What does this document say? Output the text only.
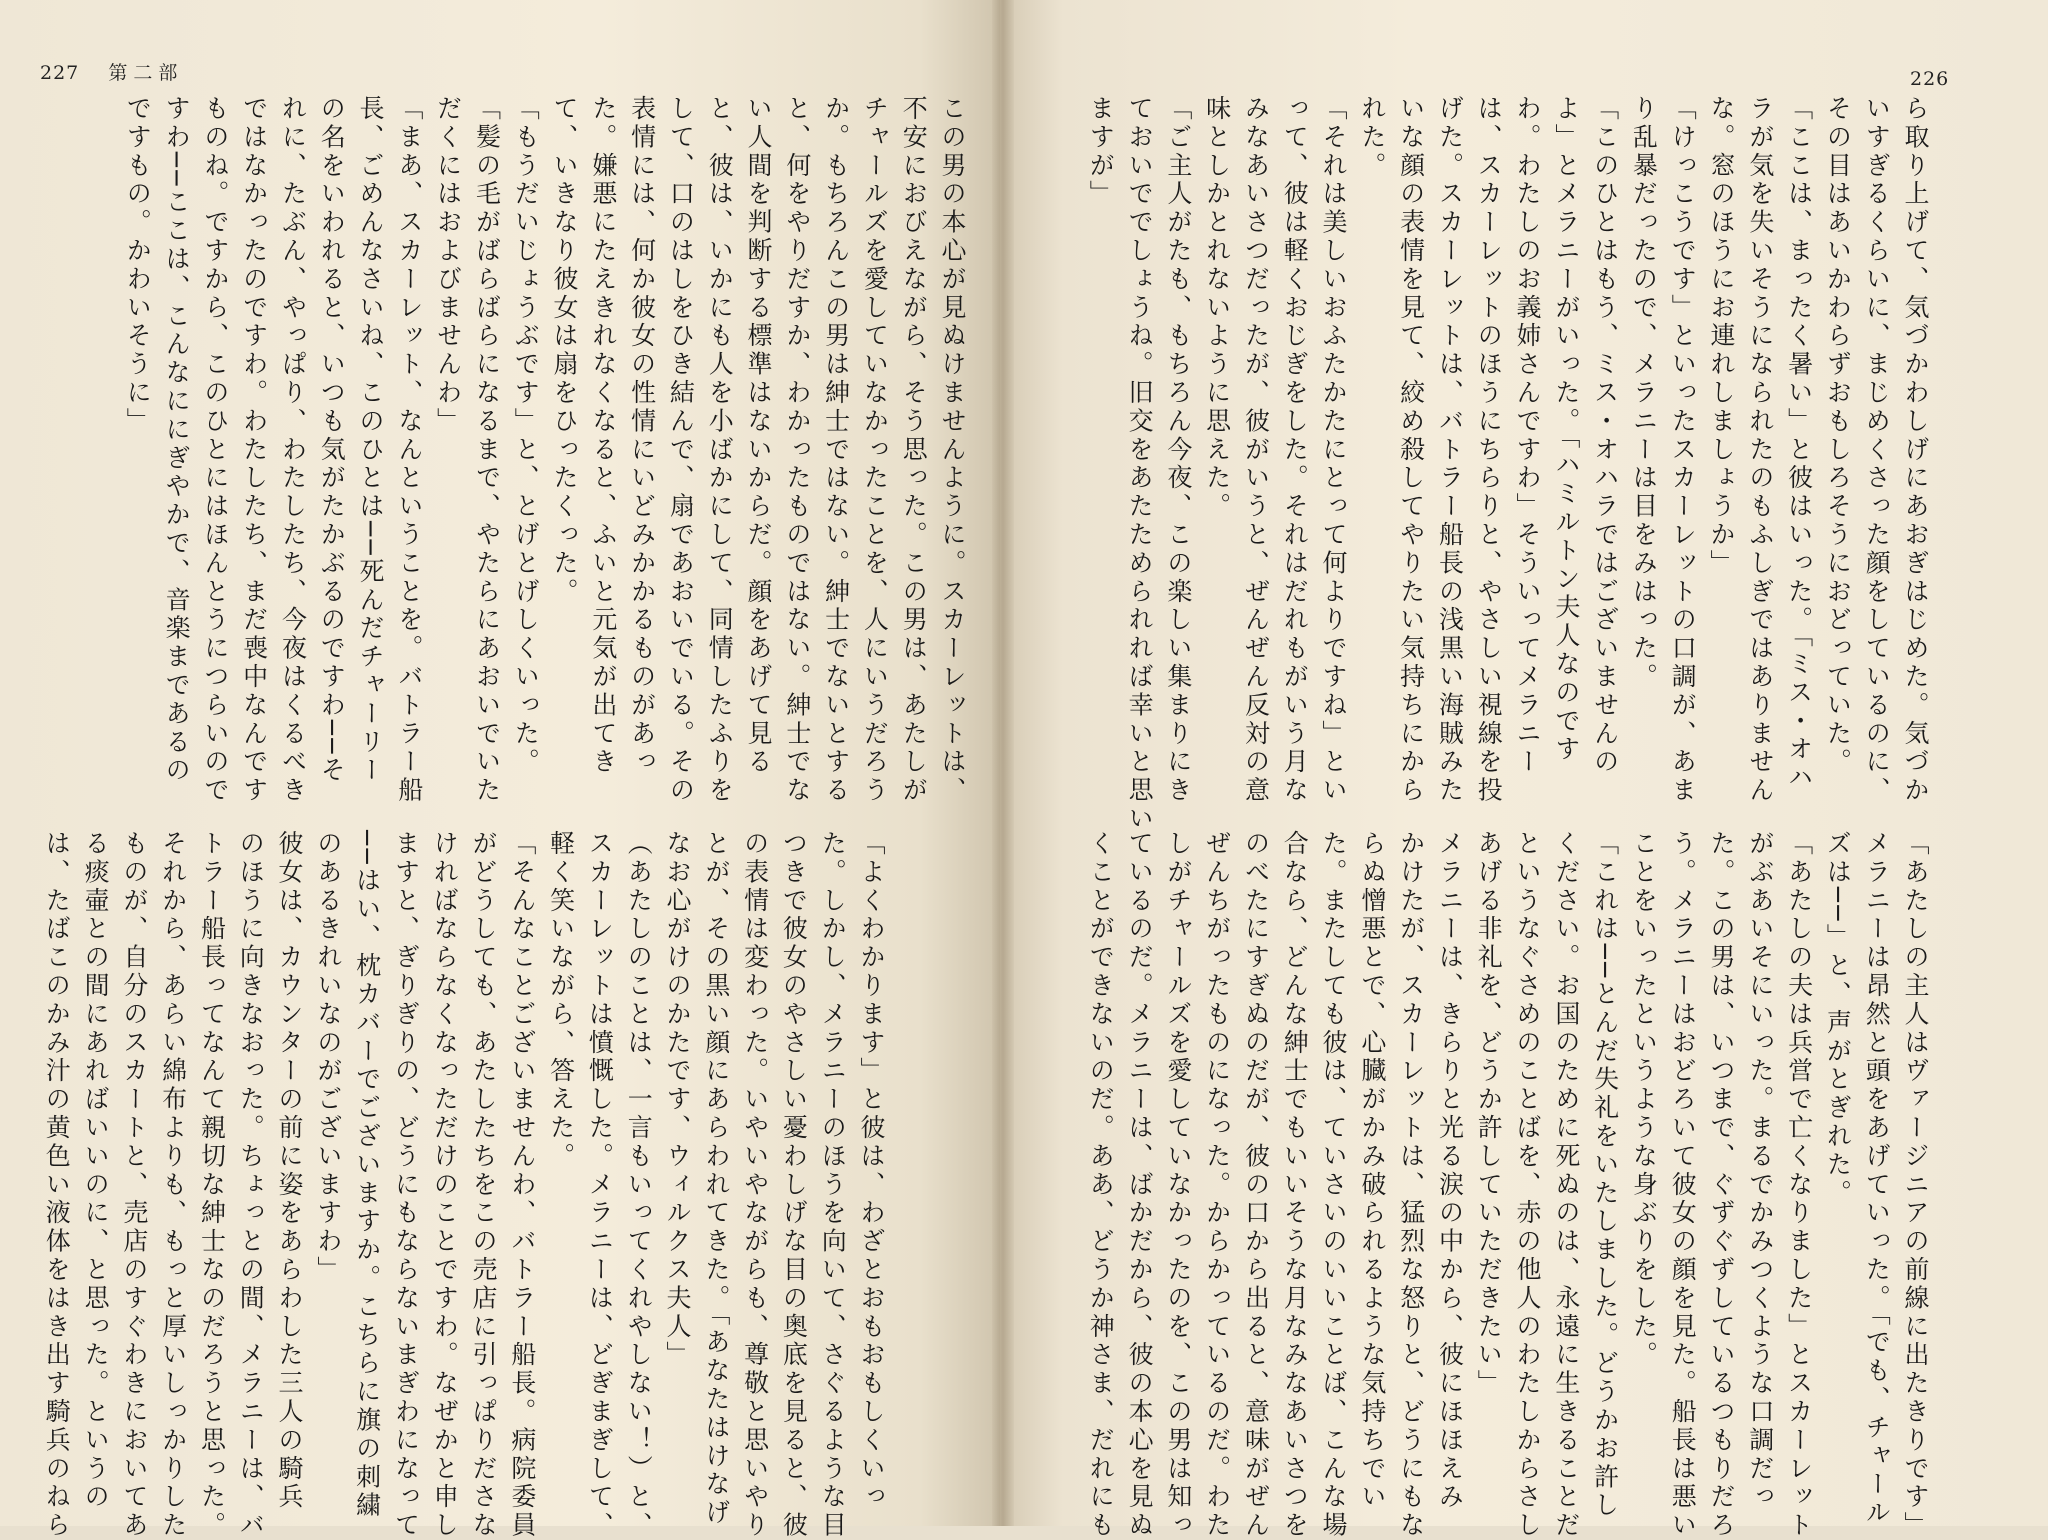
227 第二部	226
この男の本心が見ぬけませんように。スカーレットは、
不安におびえながら、そう思った。この男は、あたしが
チャールズを愛していなかったことを、人にいうだろう
か。もちろんこの男は紳士ではない。紳士でないとする
と、何をやりだすか、わかったものではない。紳士でな
い人間を判断する標準はないからだ。顔をあげて見る
と、彼は、いかにも人を小ばかにして、同情したふりを
して、口のはしをひき結んで、扇であおいでいる。その
表情には、何か彼女の性情にいどみかかるものがあっ
た。嫌悪にたえきれなくなると、ふいと元気が出てき
て、いきなり彼女は扇をひったくった。
「もうだいじょうぶです」と、とげとげしくいった。
「髪の毛がばらばらになるまで、やたらにあおいでいた
だくにはおよびませんわ」
「まあ、スカーレット、なんということを。バトラー船
長、ごめんなさいね、このひとは──死んだチャーリー
の名をいわれると、いつも気がたかぶるのですわ──そ
れに、たぶん、やっぱり、わたしたち、今夜はくるべき
ではなかったのですわ。わたしたち、まだ喪中なんです
ものね。ですから、このひとにはほんとうにつらいので
すわ──ここは、こんなににぎやかで、音楽まであるの
ですもの。かわいそうに」
「よくわかります」と彼は、わざとおもおもしくいっ
た。しかし、メラニーのほうを向いて、さぐるような目
つきで彼女のやさしい憂わしげな目の奥底を見ると、彼
の表情は変わった。いやいやながらも、尊敬と思いやり
とが、その黒い顔にあらわれてきた。「あなたはけなげ
なお心がけのかたです、ウィルクス夫人」
（あたしのことは、一言もいってくれやしない！）と、
スカーレットは憤慨した。メラニーは、どぎまぎして、
軽く笑いながら、答えた。
「そんなことございませんわ、バトラー船長。病院委員
がどうしても、あたしたちをこの売店に引っぱりださな
ければならなくなっただけのことですわ。なぜかと申し
ますと、ぎりぎりの、どうにもならないまぎわになって
──はい、枕カバーでございますか。こちらに旗の刺繍
のあるきれいなのがございますわ」
彼女は、カウンターの前に姿をあらわした三人の騎兵
のほうに向きなおった。ちょっとの間、メラニーは、バ
トラー船長ってなんて親切な紳士なのだろうと思った。
それから、あらい綿布よりも、もっと厚いしっかりした
ものが、自分のスカートと、売店のすぐわきにおいてあ
る痰壷との間にあればいいのに、と思った。というの
は、たばこのかみ汁の黄色い液体をはき出す騎兵のねら
ら取り上げて、気づかわしげにあおぎはじめた。気づか
いすぎるくらいに、まじめくさった顔をしているのに、
その目はあいかわらずおもしろそうにおどっていた。
「ここは、まったく暑い」と彼はいった。「ミス・オハ
ラが気を失いそうになられたのもふしぎではありません
な。窓のほうにお連れしましょうか」
「けっこうです」といったスカーレットの口調が、あま
り乱暴だったので、メラニーは目をみはった。
「このひとはもう、ミス・オハラではございませんの
よ」とメラニーがいった。「ハミルトン夫人なのです
わ。わたしのお義姉さんですわ」そういってメラニー
は、スカーレットのほうにちらりと、やさしい視線を投
げた。スカーレットは、バトラー船長の浅黒い海賊みた
いな顔の表情を見て、絞め殺してやりたい気持ちにから
れた。
「それは美しいおふたかたにとって何よりですね」とい
って、彼は軽くおじぎをした。それはだれもがいう月な
みなあいさつだったが、彼がいうと、ぜんぜん反対の意
味としかとれないように思えた。
「ご主人がたも、もちろん今夜、この楽しい集まりにき
ておいででしょうね。旧交をあたためられれば幸いと思い
ますが」
「あたしの主人はヴァージニアの前線に出たきりです」
メラニーは昂然と頭をあげていった。「でも、チャール
ズは──」と、声がとぎれた。
「あたしの夫は兵営で亡くなりました」とスカーレット
がぶあいそにいった。まるでかみつくような口調だっ
た。この男は、いつまで、ぐずぐずしているつもりだろ
う。メラニーはおどろいて彼女の顔を見た。船長は悪い
ことをいったというような身ぶりをした。
「これは──とんだ失礼をいたしました。どうかお許し
ください。お国のために死ぬのは、永遠に生きることだ
というなぐさめのことばを、赤の他人のわたしからさし
あげる非礼を、どうか許していただきたい」
メラニーは、きらりと光る涙の中から、彼にほほえみ
かけたが、スカーレットは、猛烈な怒りと、どうにもな
らぬ憎悪とで、心臓がかみ破られるような気持ちでい
た。またしても彼は、ていさいのいいことば、こんな場
合なら、どんな紳士でもいいそうな月なみなあいさつを
のべたにすぎぬのだが、彼の口から出ると、意味がぜん
ぜんちがったものになった。からかっているのだ。わた
しがチャールズを愛していなかったのを、この男は知っ
ているのだ。メラニーは、ばかだから、彼の本心を見ぬ
くことができないのだ。ああ、どうか神さま、だれにも
